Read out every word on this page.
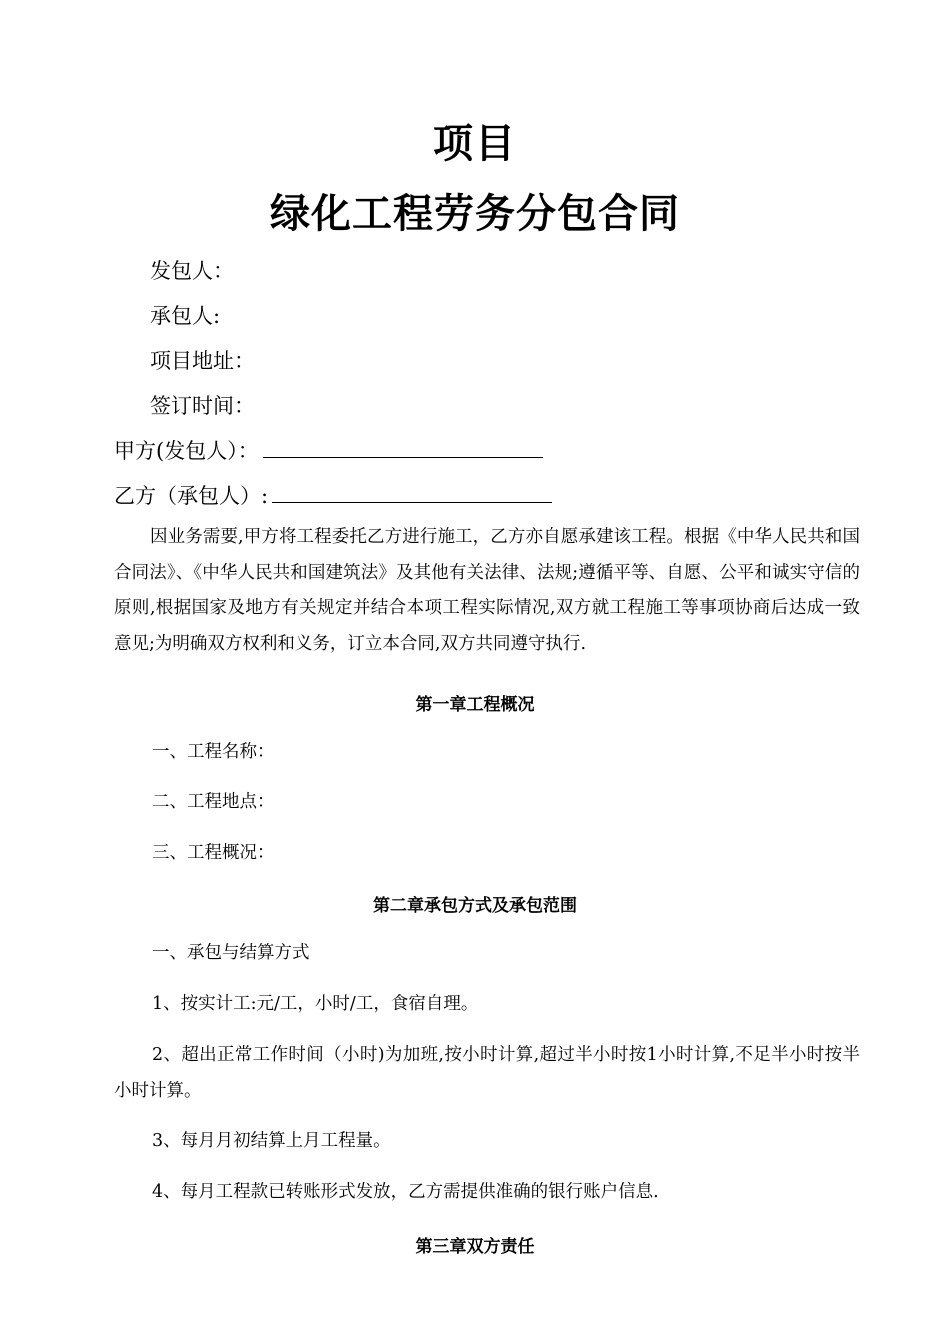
项目
绿化工程劳务分包合同
发包人：
承包人:
项目地址：
签订时间：
甲方(发包人）：
乙方（承包人）:
因业务需要,甲方将工程委托乙方进行施工，乙方亦自愿承建该工程。根据《中华人民共和国合同法》、《中华人民共和国建筑法》及其他有关法律、法规;遵循平等、自愿、公平和诚实守信的原则,根据国家及地方有关规定并结合本项工程实际情况,双方就工程施工等事项协商后达成一致意见;为明确双方权利和义务，订立本合同,双方共同遵守执行.
第一章工程概况
一、工程名称：
二、工程地点：
三、工程概况：
第二章承包方式及承包范围
一、承包与结算方式
1、按实计工:元/工，小时/工，食宿自理。
2、超出正常工作时间（小时)为加班,按小时计算,超过半小时按1小时计算,不足半小时按半小时计算。
3、每月月初结算上月工程量。
4、每月工程款已转账形式发放，乙方需提供准确的银行账户信息.
第三章双方责任
